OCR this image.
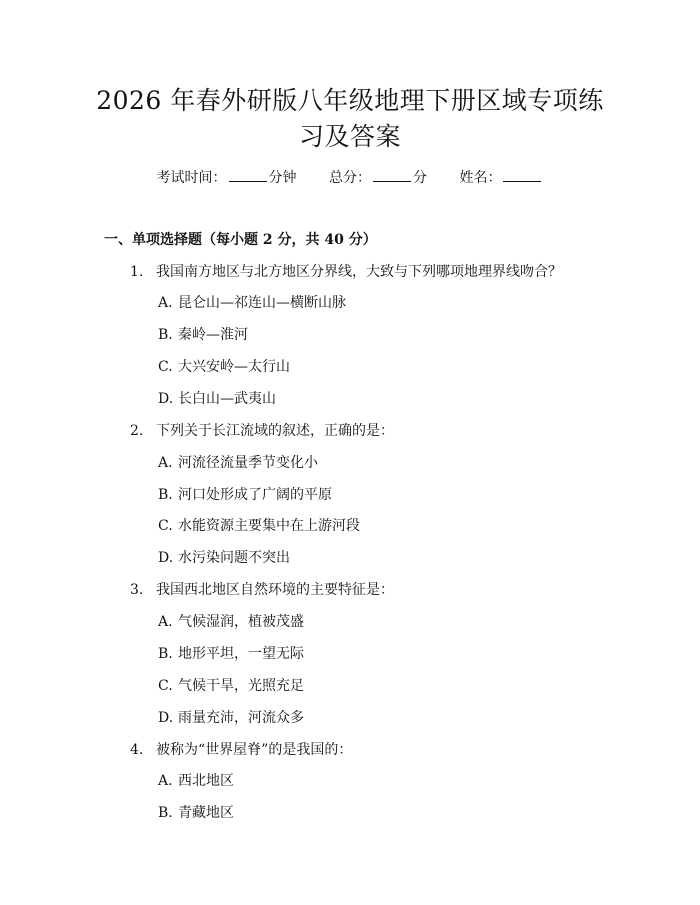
2026 年春外研版八年级地理下册区域专项练
习及答案
考试时间：	分钟 总分：	分 姓名：
一、单项选择题（每小题 2 分，共 40 分）
1. 我国南方地区与北方地区分界线，大致与下列哪项地理界线吻合？
A. 昆仑山—祁连山—横断山脉
B. 秦岭—淮河
C. 大兴安岭—太行山
D. 长白山—武夷山
2. 下列关于长江流域的叙述，正确的是：
A. 河流径流量季节变化小
B. 河口处形成了广阔的平原
C. 水能资源主要集中在上游河段
D. 水污染问题不突出
3. 我国西北地区自然环境的主要特征是：
A. 气候湿润，植被茂盛
B. 地形平坦，一望无际
C. 气候干旱，光照充足
D. 雨量充沛，河流众多
4. 被称为“世界屋脊”的是我国的：
A. 西北地区
B. 青藏地区
